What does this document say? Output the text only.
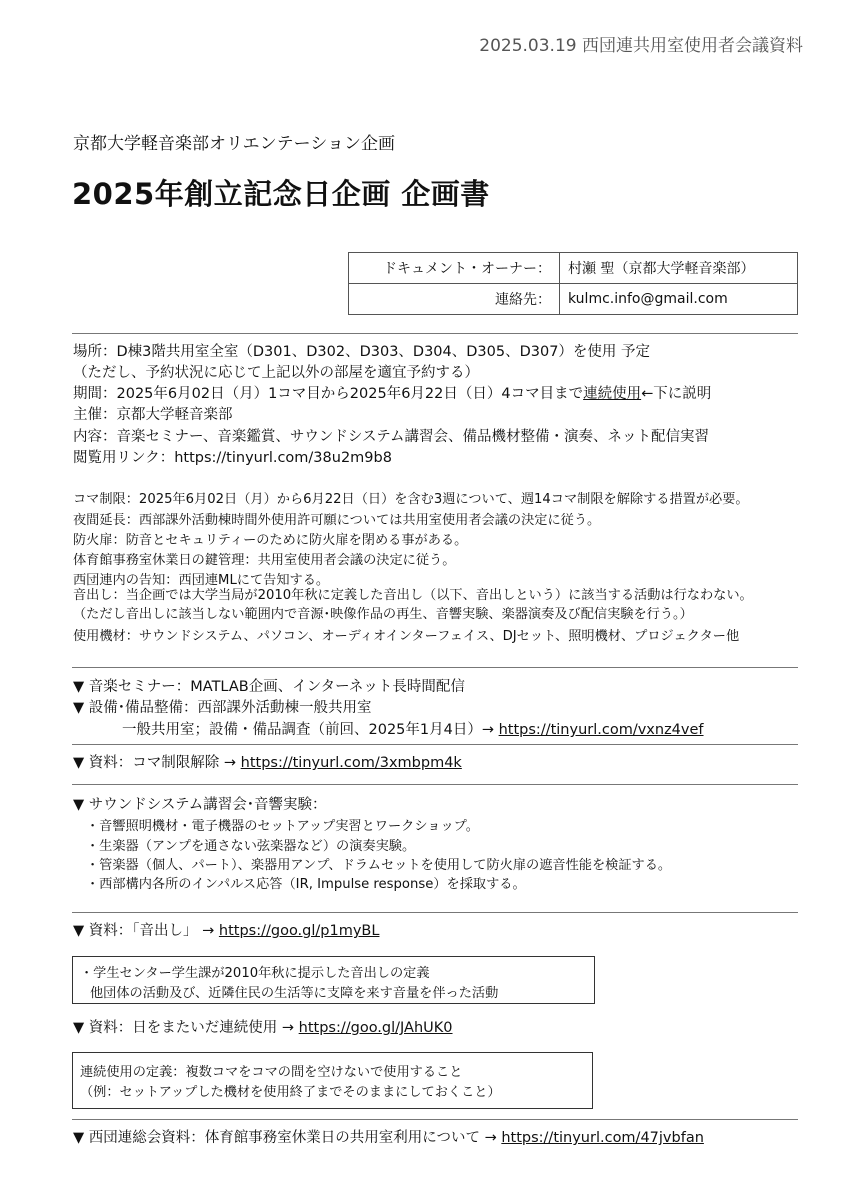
2025.03.19 西団連共用室使用者会議資料
京都大学軽音楽部オリエンテーション企画
2025年創立記念日企画 企画書
ドキュメント・オーナー：	村瀬 聖（京都大学軽音楽部）
連絡先：	kulmc.info@gmail.com
場所：D棟3階共用室全室（D301、D302、D303、D304、D305、D307）を使用 予定
（ただし、予約状況に応じて上記以外の部屋を適宜予約する）
期間：2025年6月02日（月）1コマ目から2025年6月22日（日）4コマ目まで連続使用←下に説明
主催：京都大学軽音楽部
内容：音楽セミナー、音楽鑑賞、サウンドシステム講習会、備品機材整備・演奏、ネット配信実習
閲覧用リンク：https://tinyurl.com/38u2m9b8
コマ制限：2025年6月02日（月）から6月22日（日）を含む3週について、週14コマ制限を解除する措置が必要。
夜間延長：西部課外活動棟時間外使用許可願については共用室使用者会議の決定に従う。
防火扉：防音とセキュリティーのために防火扉を閉める事がある。
体育館事務室休業日の鍵管理：共用室使用者会議の決定に従う。
西団連内の告知：西団連MLにて告知する。
音出し：当企画では大学当局が2010年秋に定義した音出し（以下、音出しという）に該当する活動は行なわない。
（ただし音出しに該当しない範囲内で音源･映像作品の再生、音響実験、楽器演奏及び配信実験を行う。）
使用機材：サウンドシステム、パソコン、オーディオインターフェイス、DJセット、照明機材、プロジェクター他
▼ 音楽セミナー：MATLAB企画、インターネット長時間配信
▼ 設備･備品整備：西部課外活動棟一般共用室
一般共用室；設備・備品調査（前回、2025年1月4日）→ https://tinyurl.com/vxnz4vef
▼ 資料：コマ制限解除 → https://tinyurl.com/3xmbpm4k
▼ サウンドシステム講習会･音響実験：
・音響照明機材・電子機器のセットアップ実習とワークショップ。
・生楽器（アンプを通さない弦楽器など）の演奏実験。
・管楽器（個人、パート）、楽器用アンプ、ドラムセットを使用して防火扉の遮音性能を検証する。
・西部構内各所のインパルス応答（IR, Impulse response）を採取する。
▼ 資料：「音出し」 → https://goo.gl/p1myBL
・学生センター学生課が2010年秋に提示した音出しの定義
他団体の活動及び、近隣住民の生活等に支障を来す音量を伴った活動
▼ 資料：日をまたいだ連続使用 → https://goo.gl/JAhUK0
連続使用の定義：複数コマをコマの間を空けないで使用すること
（例：セットアップした機材を使用終了までそのままにしておくこと）
▼ 西団連総会資料：体育館事務室休業日の共用室利用について → https://tinyurl.com/47jvbfan
